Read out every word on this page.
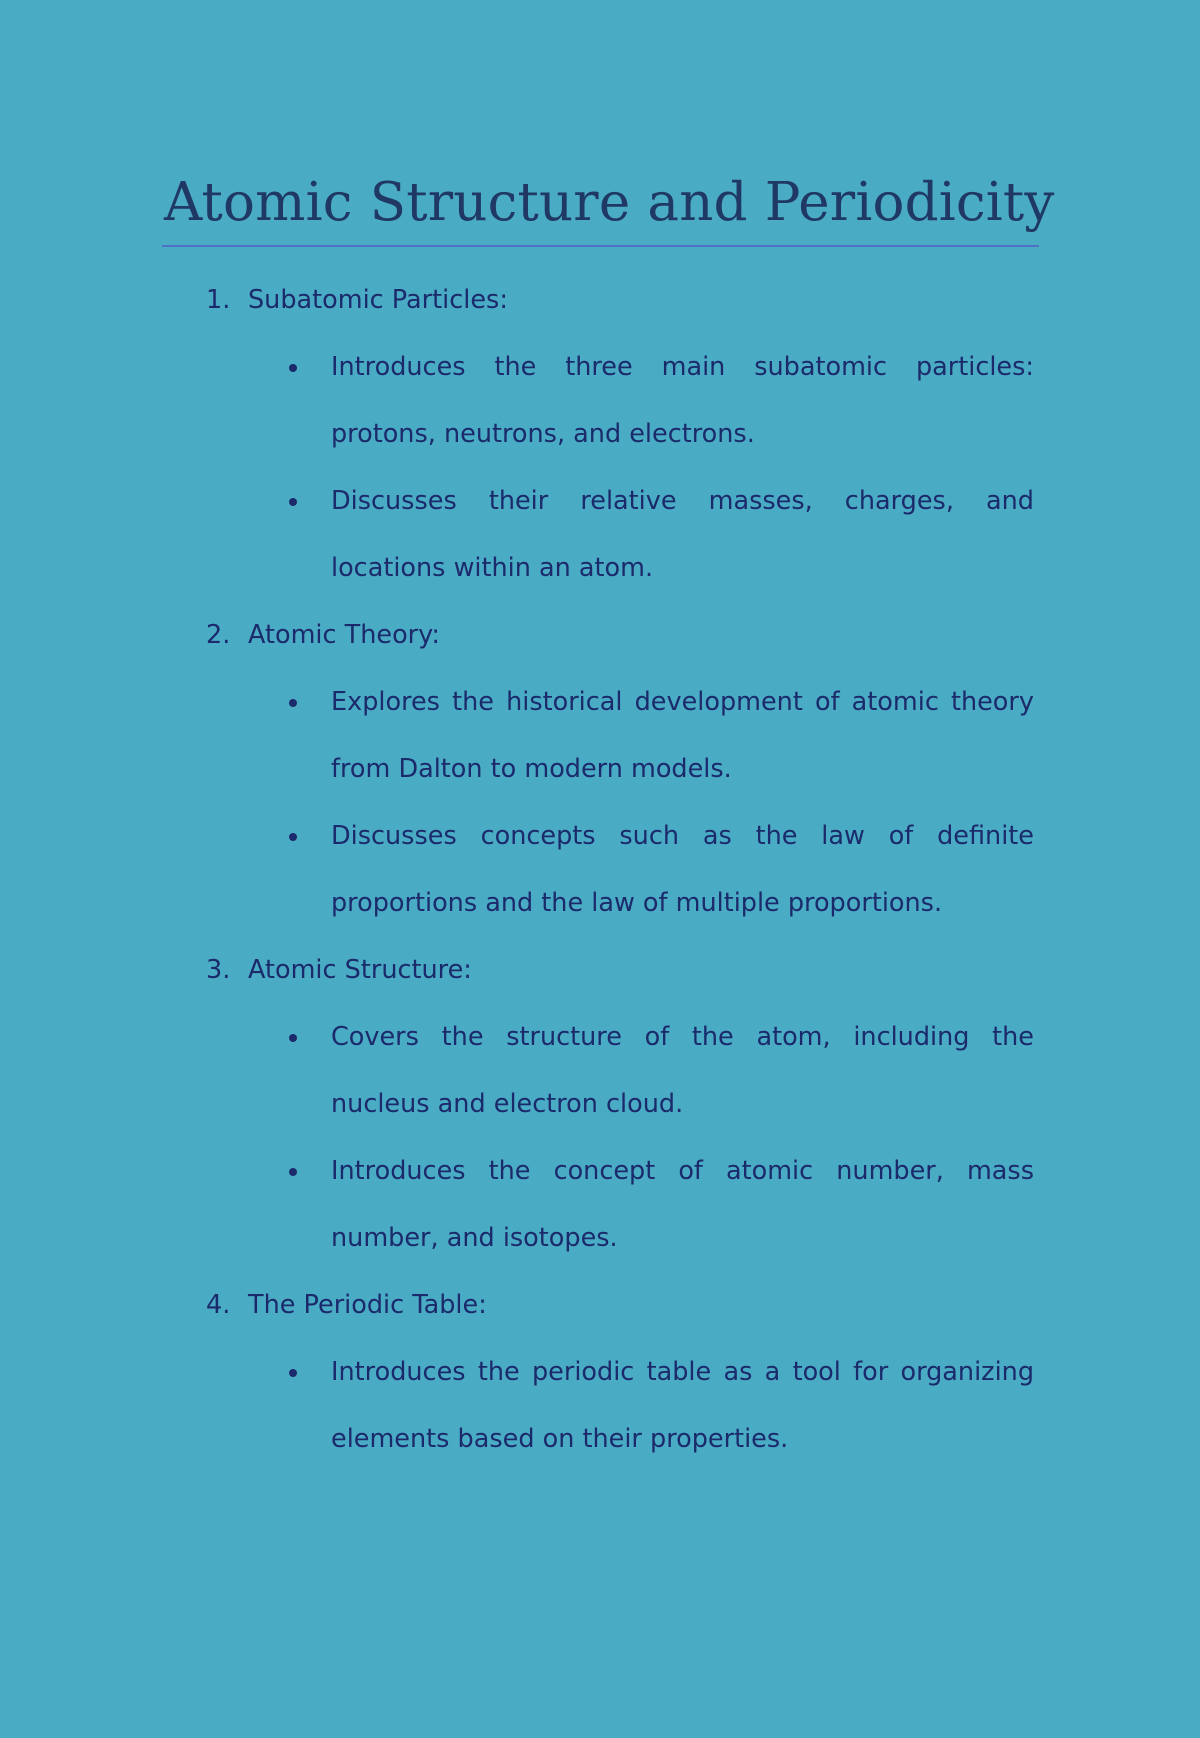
Atomic Structure and Periodicity
1. Subatomic Particles:
Introduces the three main subatomic particles: protons, neutrons, and electrons.
Discusses their relative masses, charges, and locations within an atom.
2. Atomic Theory:
Explores the historical development of atomic theory from Dalton to modern models.
Discusses concepts such as the law of definite proportions and the law of multiple proportions.
3. Atomic Structure:
Covers the structure of the atom, including the nucleus and electron cloud.
Introduces the concept of atomic number, mass number, and isotopes.
4. The Periodic Table:
Introduces the periodic table as a tool for organizing elements based on their properties.
